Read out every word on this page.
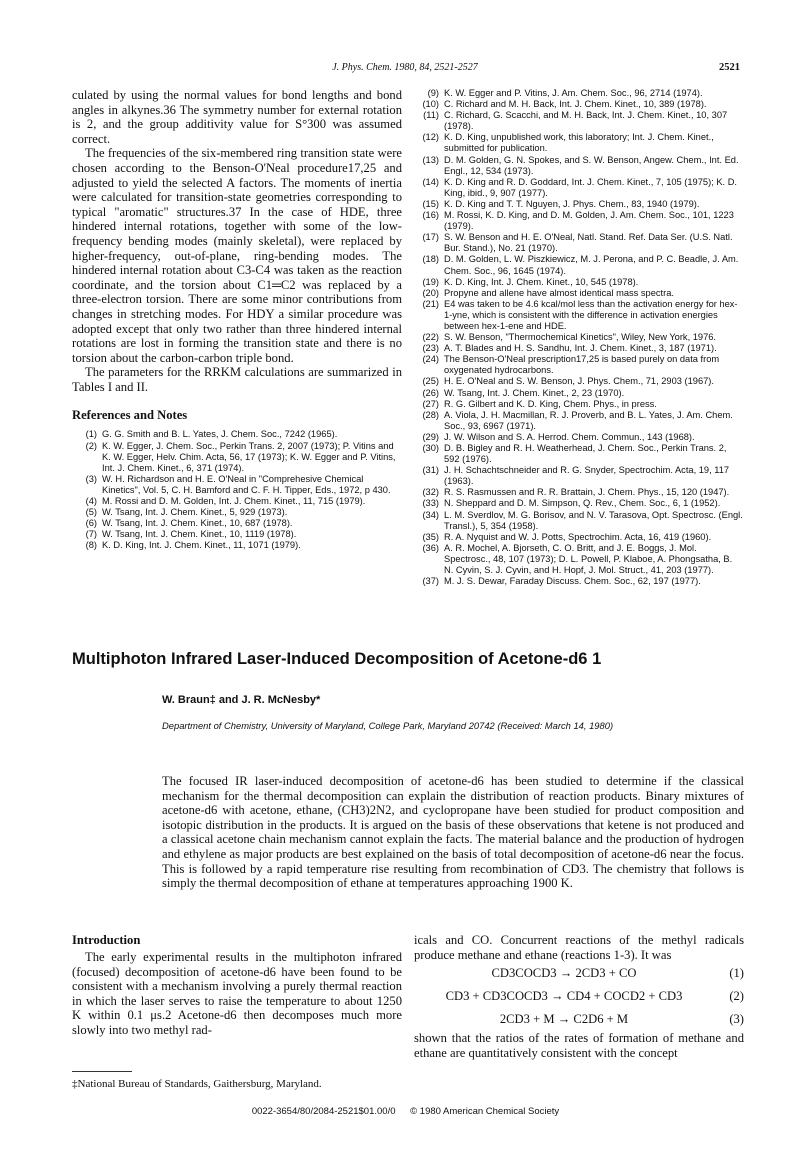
J. Phys. Chem. 1980, 84, 2521-2527	2521

culated by using the normal values for bond lengths and bond angles in alkynes.36 The symmetry number for external rotation is 2, and the group additivity value for S°300 was assumed correct.

The frequencies of the six-membered ring transition state were chosen according to the Benson-O'Neal procedure17,25 and adjusted to yield the selected A factors. The moments of inertia were calculated for transition-state geometries corresponding to typical "aromatic" structures.37 In the case of HDE, three hindered internal rotations, together with some of the low-frequency bending modes (mainly skeletal), were replaced by higher-frequency, out-of-plane, ring-bending modes. The hindered internal rotation about C3-C4 was taken as the reaction coordinate, and the torsion about C1═C2 was replaced by a three-electron torsion. There are some minor contributions from changes in stretching modes. For HDY a similar procedure was adopted except that only two rather than three hindered internal rotations are lost in forming the transition state and there is no torsion about the carbon-carbon triple bond.

The parameters for the RRKM calculations are summarized in Tables I and II.

References and Notes
(1) G. G. Smith and B. L. Yates, J. Chem. Soc., 7242 (1965).
(2) K. W. Egger, J. Chem. Soc., Perkin Trans. 2, 2007 (1973); P. Vitins and K. W. Egger, Helv. Chim. Acta, 56, 17 (1973); K. W. Egger and P. Vitins, Int. J. Chem. Kinet., 6, 371 (1974).
(3) W. H. Richardson and H. E. O'Neal in "Comprehesive Chemical Kinetics", Vol. 5, C. H. Bamford and C. F. H. Tipper, Eds., 1972, p 430.
(4) M. Rossi and D. M. Golden, Int. J. Chem. Kinet., 11, 715 (1979).
(5) W. Tsang, Int. J. Chem. Kinet., 5, 929 (1973).
(6) W. Tsang, Int. J. Chem. Kinet., 10, 687 (1978).
(7) W. Tsang, Int. J. Chem. Kinet., 10, 1119 (1978).
(8) K. D. King, Int. J. Chem. Kinet., 11, 1071 (1979).
(9) K. W. Egger and P. Vitins, J. Am. Chem. Soc., 96, 2714 (1974).
(10) C. Richard and M. H. Back, Int. J. Chem. Kinet., 10, 389 (1978).
(11) C. Richard, G. Scacchi, and M. H. Back, Int. J. Chem. Kinet., 10, 307 (1978).
(12) K. D. King, unpublished work, this laboratory; Int. J. Chem. Kinet., submitted for publication.
(13) D. M. Golden, G. N. Spokes, and S. W. Benson, Angew. Chem., Int. Ed. Engl., 12, 534 (1973).
(14) K. D. King and R. D. Goddard, Int. J. Chem. Kinet., 7, 105 (1975); K. D. King, ibid., 9, 907 (1977).
(15) K. D. King and T. T. Nguyen, J. Phys. Chem., 83, 1940 (1979).
(16) M. Rossi, K. D. King, and D. M. Golden, J. Am. Chem. Soc., 101, 1223 (1979).
(17) S. W. Benson and H. E. O'Neal, Natl. Stand. Ref. Data Ser. (U.S. Natl. Bur. Stand.), No. 21 (1970).
(18) D. M. Golden, L. W. Piszkiewicz, M. J. Perona, and P. C. Beadle, J. Am. Chem. Soc., 96, 1645 (1974).
(19) K. D. King, Int. J. Chem. Kinet., 10, 545 (1978).
(20) Propyne and allene have almost identical mass spectra.
(21) E4 was taken to be 4.6 kcal/mol less than the activation energy for hex-1-yne, which is consistent with the difference in activation energies between hex-1-ene and HDE.
(22) S. W. Benson, "Thermochemical Kinetics", Wiley, New York, 1976.
(23) A. T. Blades and H. S. Sandhu, Int. J. Chem. Kinet., 3, 187 (1971).
(24) The Benson-O'Neal prescription17,25 is based purely on data from oxygenated hydrocarbons.
(25) H. E. O'Neal and S. W. Benson, J. Phys. Chem., 71, 2903 (1967).
(26) W. Tsang, Int. J. Chem. Kinet., 2, 23 (1970).
(27) R. G. Gilbert and K. D. King, Chem. Phys., in press.
(28) A. Viola, J. H. Macmillan, R. J. Proverb, and B. L. Yates, J. Am. Chem. Soc., 93, 6967 (1971).
(29) J. W. Wilson and S. A. Herrod. Chem. Commun., 143 (1968).
(30) D. B. Bigley and R. H. Weatherhead, J. Chem. Soc., Perkin Trans. 2, 592 (1976).
(31) J. H. Schachtschneider and R. G. Snyder, Spectrochim. Acta, 19, 117 (1963).
(32) R. S. Rasmussen and R. R. Brattain, J. Chem. Phys., 15, 120 (1947).
(33) N. Sheppard and D. M. Simpson, Q. Rev., Chem. Soc., 6, 1 (1952).
(34) L. M. Sverdlov, M. G. Borisov, and N. V. Tarasova, Opt. Spectrosc. (Engl. Transl.), 5, 354 (1958).
(35) R. A. Nyquist and W. J. Potts, Spectrochim. Acta, 16, 419 (1960).
(36) A. R. Mochel, A. Bjorseth, C. O. Britt, and J. E. Boggs, J. Mol. Spectrosc., 48, 107 (1973); D. L. Powell, P. Klaboe, A. Phongsatha, B. N. Cyvin, S. J. Cyvin, and H. Hopf, J. Mol. Struct., 41, 203 (1977).
(37) M. J. S. Dewar, Faraday Discuss. Chem. Soc., 62, 197 (1977).
Multiphoton Infrared Laser-Induced Decomposition of Acetone-d6 1
W. Braun‡ and J. R. McNesby*
Department of Chemistry, University of Maryland, College Park, Maryland 20742 (Received: March 14, 1980)

The focused IR laser-induced decomposition of acetone-d6 has been studied to determine if the classical mechanism for the thermal decomposition can explain the distribution of reaction products. Binary mixtures of acetone-d6 with acetone, ethane, (CH3)2N2, and cyclopropane have been studied for product composition and isotopic distribution in the products. It is argued on the basis of these observations that ketene is not produced and a classical acetone chain mechanism cannot explain the facts. The material balance and the production of hydrogen and ethylene as major products are best explained on the basis of total decomposition of acetone-d6 near the focus. This is followed by a rapid temperature rise resulting from recombination of CD3. The chemistry that follows is simply the thermal decomposition of ethane at temperatures approaching 1900 K.

Introduction

The early experimental results in the multiphoton infrared (focused) decomposition of acetone-d6 have been found to be consistent with a mechanism involving a purely thermal reaction in which the laser serves to raise the temperature to about 1250 K within 0.1 μs.2 Acetone-d6 then decomposes much more slowly into two methyl rad-

icals and CO. Concurrent reactions of the methyl radicals produce methane and ethane (reactions 1-3). It was

CD3COCD3 → 2CD3 + CO	(1)
CD3 + CD3COCD3 → CD4 + COCD2 + CD3	(2)
2CD3 + M → C2D6 + M	(3)

shown that the ratios of the rates of formation of methane and ethane are quantitatively consistent with the concept

‡National Bureau of Standards, Gaithersburg, Maryland.
0022-3654/80/2084-2521$01.00/0 © 1980 American Chemical Society
